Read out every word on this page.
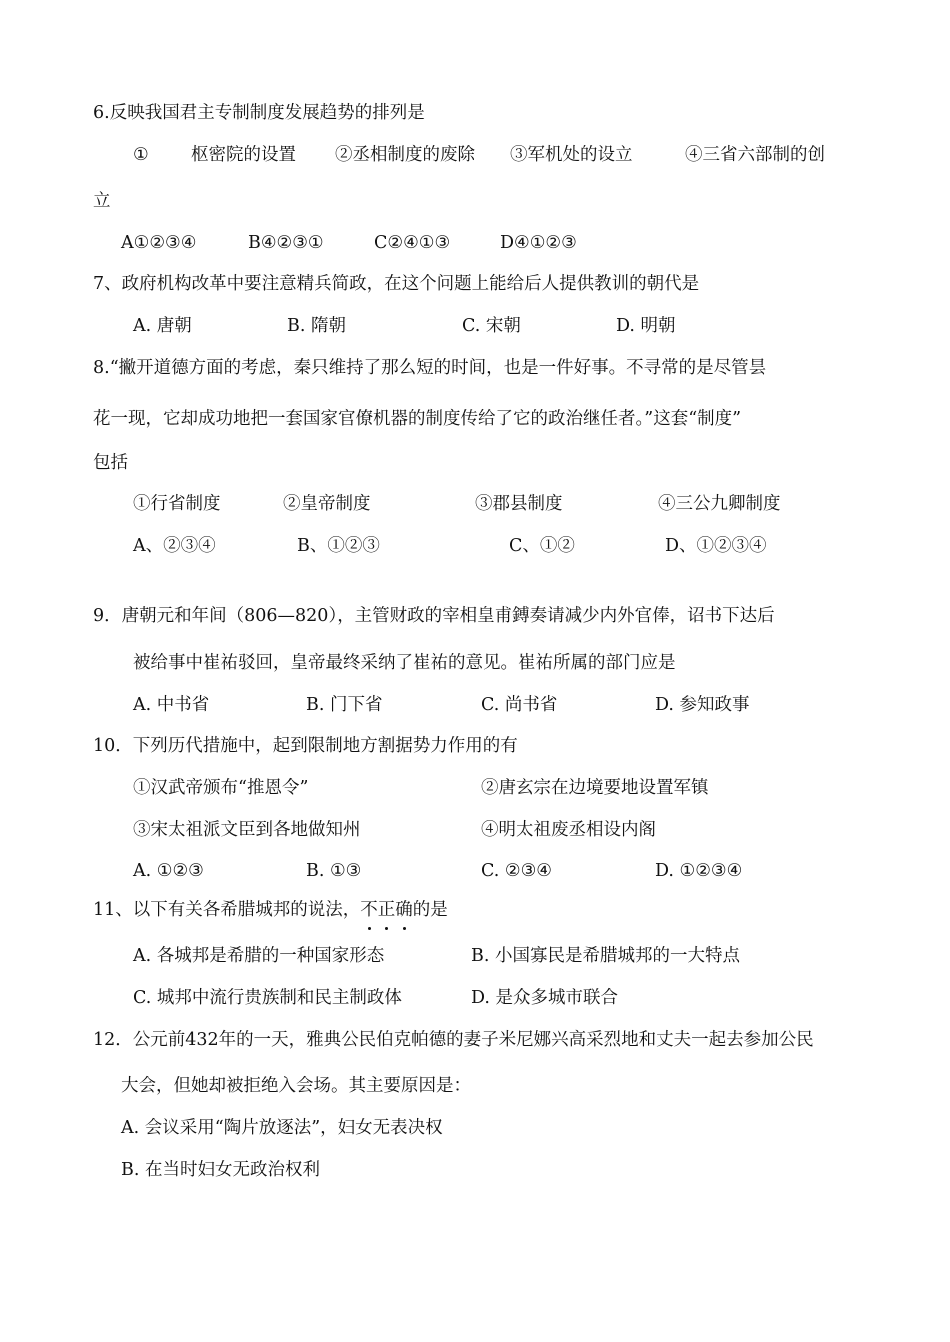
6.反映我国君主专制制度发展趋势的排列是
① 枢密院的设置 ②丞相制度的废除 ③军机处的设立	④三省六部制的创
立
A①②③④	B④②③①	C②④①③	D④①②③
7、政府机构改革中要注意精兵简政，在这个问题上能给后人提供教训的朝代是
A. 唐朝	B. 隋朝	C. 宋朝	D. 明朝
8.“撇开道德方面的考虑，秦只维持了那么短的时间，也是一件好事。不寻常的是尽管昙
花一现，它却成功地把一套国家官僚机器的制度传给了它的政治继任者。”这套“制度”
包括
①行省制度	②皇帝制度	③郡县制度	④三公九卿制度
A、②③④	B、①②③	C、①②	D、①②③④
9．唐朝元和年间（806—820），主管财政的宰相皇甫鎛奏请减少内外官俸，诏书下达后
被给事中崔祐驳回，皇帝最终采纳了崔祐的意见。崔祐所属的部门应是
A. 中书省	B. 门下省	C. 尚书省	D. 参知政事
10．下列历代措施中，起到限制地方割据势力作用的有
①汉武帝颁布“推恩令”	②唐玄宗在边境要地设置军镇
③宋太祖派文臣到各地做知州	④明太祖废丞相设内阁
A. ①②③	B. ①③	C. ②③④	D. ①②③④
11、以下有关各希腊城邦的说法，不正确的是
A. 各城邦是希腊的一种国家形态	B. 小国寡民是希腊城邦的一大特点
C. 城邦中流行贵族制和民主制政体	D. 是众多城市联合
12．公元前432年的一天，雅典公民伯克帕德的妻子米尼娜兴高采烈地和丈夫一起去参加公民
大会，但她却被拒绝入会场。其主要原因是：
A. 会议采用“陶片放逐法”，妇女无表决权
B. 在当时妇女无政治权利
